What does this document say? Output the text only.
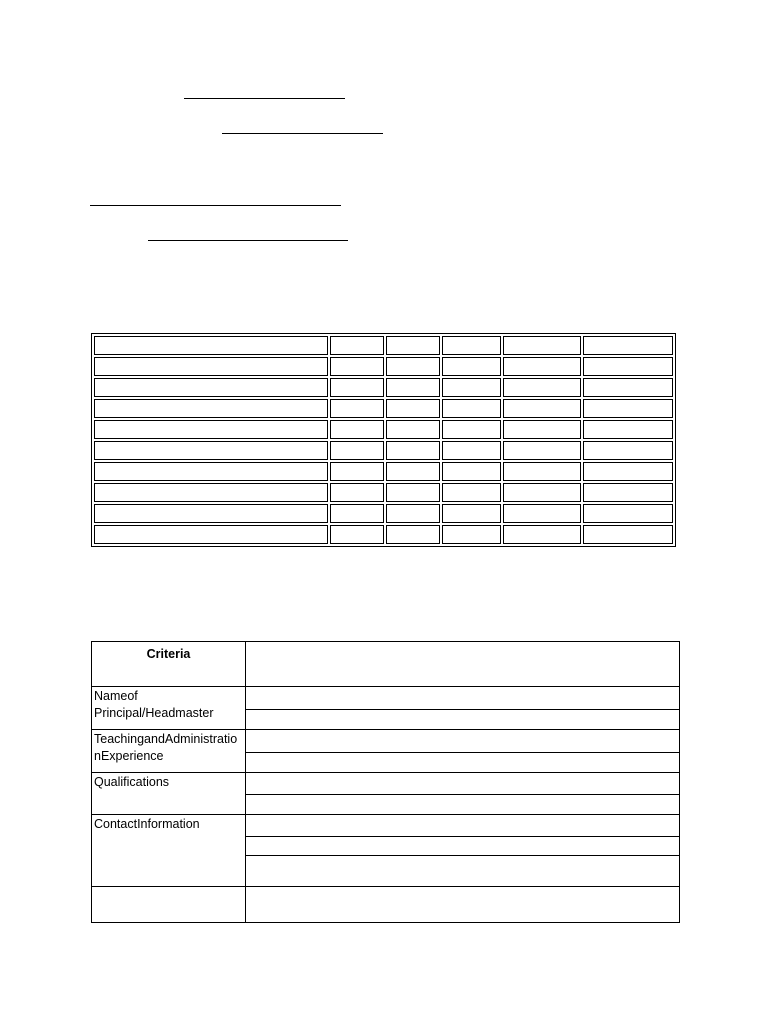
Criteria
Nameof Principal/Headmaster
TeachingandAdministratio nExperience
Qualifications
ContactInformation
